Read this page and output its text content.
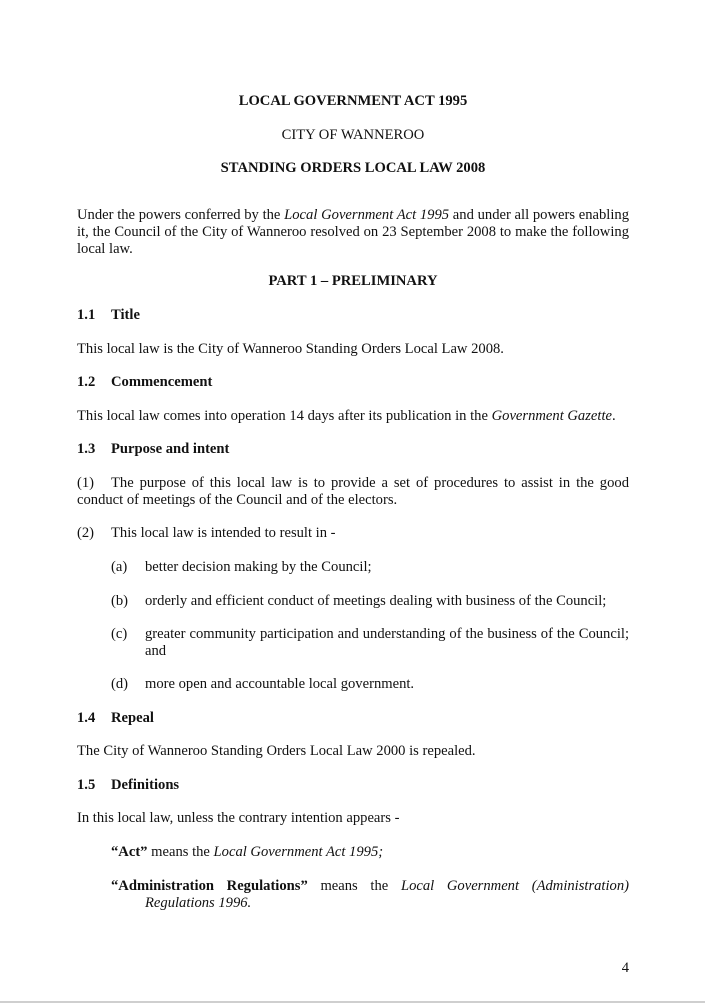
LOCAL GOVERNMENT ACT 1995
CITY OF WANNEROO
STANDING ORDERS LOCAL LAW 2008
Under the powers conferred by the Local Government Act 1995 and under all powers enabling it, the Council of the City of Wanneroo resolved on 23 September 2008 to make the following local law.
PART 1 – PRELIMINARY
1.1 Title
This local law is the City of Wanneroo Standing Orders Local Law 2008.
1.2 Commencement
This local law comes into operation 14 days after its publication in the Government Gazette.
1.3 Purpose and intent
(1) The purpose of this local law is to provide a set of procedures to assist in the good conduct of meetings of the Council and of the electors.
(2) This local law is intended to result in -
(a) better decision making by the Council;
(b) orderly and efficient conduct of meetings dealing with business of the Council;
(c) greater community participation and understanding of the business of the Council; and
(d) more open and accountable local government.
1.4 Repeal
The City of Wanneroo Standing Orders Local Law 2000 is repealed.
1.5 Definitions
In this local law, unless the contrary intention appears -
“Act” means the Local Government Act 1995;
“Administration Regulations” means the Local Government (Administration) Regulations 1996.
4
